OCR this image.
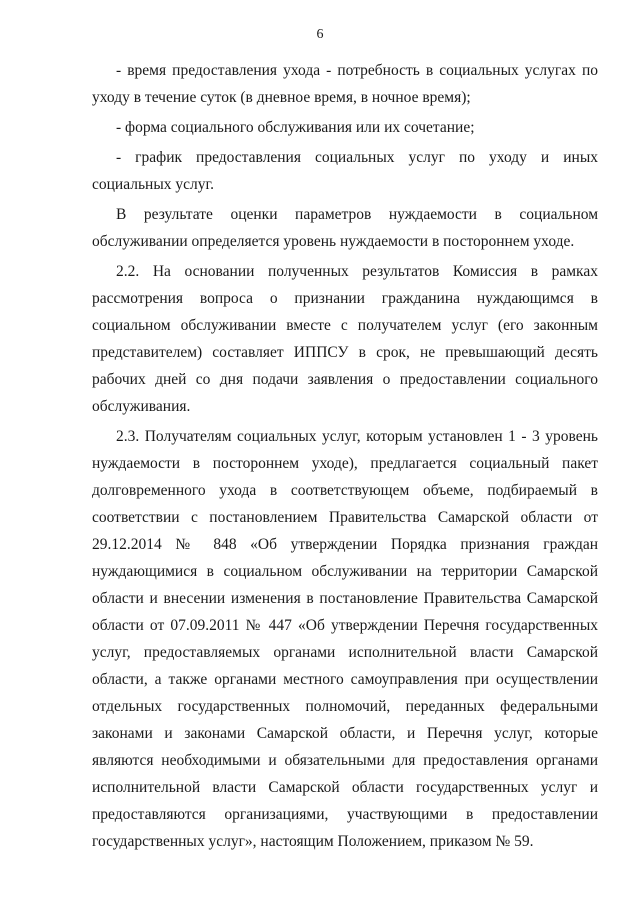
6

- время предоставления ухода - потребность в социальных услугах по уходу в течение суток (в дневное время, в ночное время);

- форма социального обслуживания или их сочетание;

- график предоставления социальных услуг по уходу и иных социальных услуг.

В результате оценки параметров нуждаемости в социальном обслуживании определяется уровень нуждаемости в постороннем уходе.

2.2. На основании полученных результатов Комиссия в рамках рассмотрения вопроса о признании гражданина нуждающимся в социальном обслуживании вместе с получателем услуг (его законным представителем) составляет ИППСУ в срок, не превышающий десять рабочих дней со дня подачи заявления о предоставлении социального обслуживания.

2.3. Получателям социальных услуг, которым установлен 1 - 3 уровень нуждаемости в постороннем уходе), предлагается социальный пакет долговременного ухода в соответствующем объеме, подбираемый в соответствии с постановлением Правительства Самарской области от 29.12.2014 № 848 «Об утверждении Порядка признания граждан нуждающимися в социальном обслуживании на территории Самарской области и внесении изменения в постановление Правительства Самарской области от 07.09.2011 № 447 «Об утверждении Перечня государственных услуг, предоставляемых органами исполнительной власти Самарской области, а также органами местного самоуправления при осуществлении отдельных государственных полномочий, переданных федеральными законами и законами Самарской области, и Перечня услуг, которые являются необходимыми и обязательными для предоставления органами исполнительной власти Самарской области государственных услуг и предоставляются организациями, участвующими в предоставлении государственных услуг», настоящим Положением, приказом № 59.
